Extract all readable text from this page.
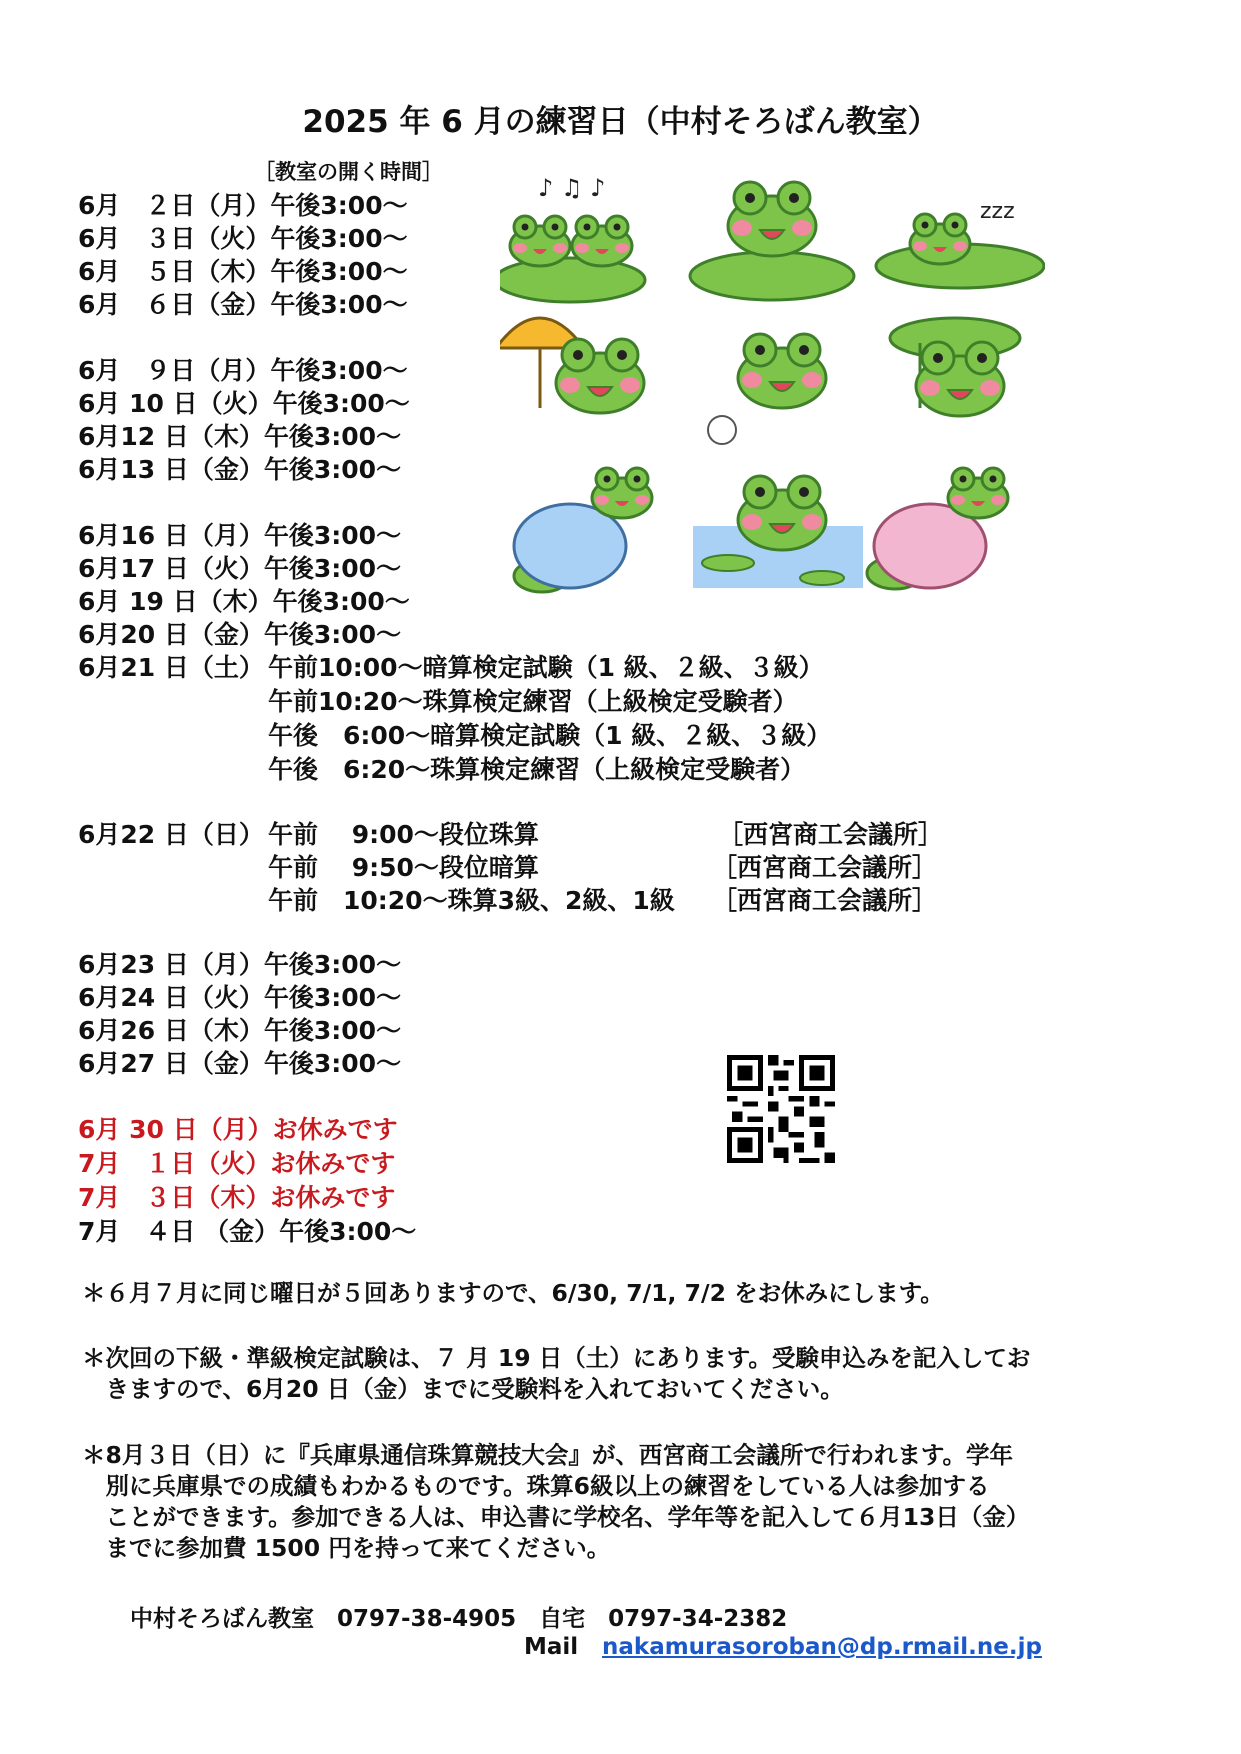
2025 年 6 月の練習日（中村そろばん教室）
［教室の開く時間］
6月　２日（月）午後3:00～
6月　３日（火）午後3:00～
6月　５日（木）午後3:00～
6月　６日（金）午後3:00～
6月　９日（月）午後3:00～
6月 10 日（火）午後3:00～
6月12 日（木）午後3:00～
6月13 日（金）午後3:00～
6月16 日（月）午後3:00～
6月17 日（火）午後3:00～
6月 19 日（木）午後3:00～
6月20 日（金）午後3:00～
6月21 日（土） 午前10:00～暗算検定試験（1 級、２級、３級）
午前10:20～珠算検定練習（上級検定受験者）
午後　6:00～暗算検定試験（1 級、２級、３級）
午後　6:20～珠算検定練習（上級検定受験者）
6月22 日（日） 午前　 9:00～段位珠算	［西宮商工会議所］
午前　 9:50～段位暗算	［西宮商工会議所］
午前　10:20～珠算3級、2級、1級 ［西宮商工会議所］
6月23 日（月）午後3:00～
6月24 日（火）午後3:00～
6月26 日（木）午後3:00～
6月27 日（金）午後3:00～
6月 30 日（月）お休みです
7月　１日（火）お休みです
7月　３日（木）お休みです
7月　４日 （金）午後3:00～
＊６月７月に同じ曜日が５回ありますので、6/30, 7/1, 7/2 をお休みにします。
＊次回の下級・準級検定試験は、７ 月 19 日（土）にあります。受験申込みを記入してお
　きますので、6月20 日（金）までに受験料を入れておいてください。
＊8月３日（日）に『兵庫県通信珠算競技大会』が、西宮商工会議所で行われます。学年
　別に兵庫県での成績もわかるものです。珠算6級以上の練習をしている人は参加する
　ことができます。参加できる人は、申込書に学校名、学年等を記入して６月13日（金）
　までに参加費 1500 円を持って来てください。
中村そろばん教室　0797-38-4905　自宅　0797-34-2382
Mail nakamurasoroban@dp.rmail.ne.jp
♪ ♫ ♪
zzz
